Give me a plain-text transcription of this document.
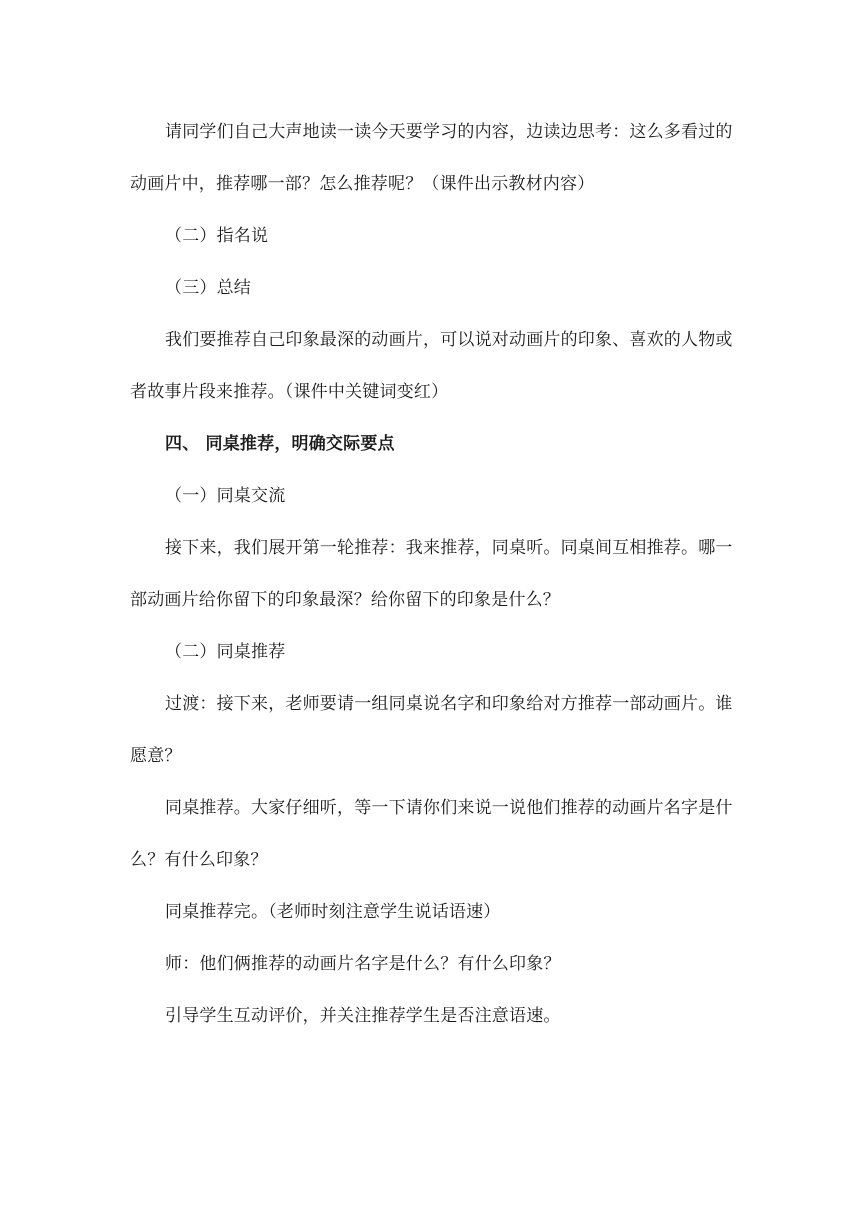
请同学们自己大声地读一读今天要学习的内容，边读边思考：这么多看过的动画片中，推荐哪一部？怎么推荐呢？（课件出示教材内容）

（二）指名说

（三）总结

我们要推荐自己印象最深的动画片，可以说对动画片的印象、喜欢的人物或者故事片段来推荐。（课件中关键词变红）

四、 同桌推荐，明确交际要点

（一）同桌交流

接下来，我们展开第一轮推荐：我来推荐，同桌听。同桌间互相推荐。哪一部动画片给你留下的印象最深？给你留下的印象是什么？

（二）同桌推荐

过渡：接下来，老师要请一组同桌说名字和印象给对方推荐一部动画片。谁愿意？

同桌推荐。大家仔细听，等一下请你们来说一说他们推荐的动画片名字是什么？有什么印象？

同桌推荐完。（老师时刻注意学生说话语速）

师：他们俩推荐的动画片名字是什么？有什么印象？

引导学生互动评价，并关注推荐学生是否注意语速。
